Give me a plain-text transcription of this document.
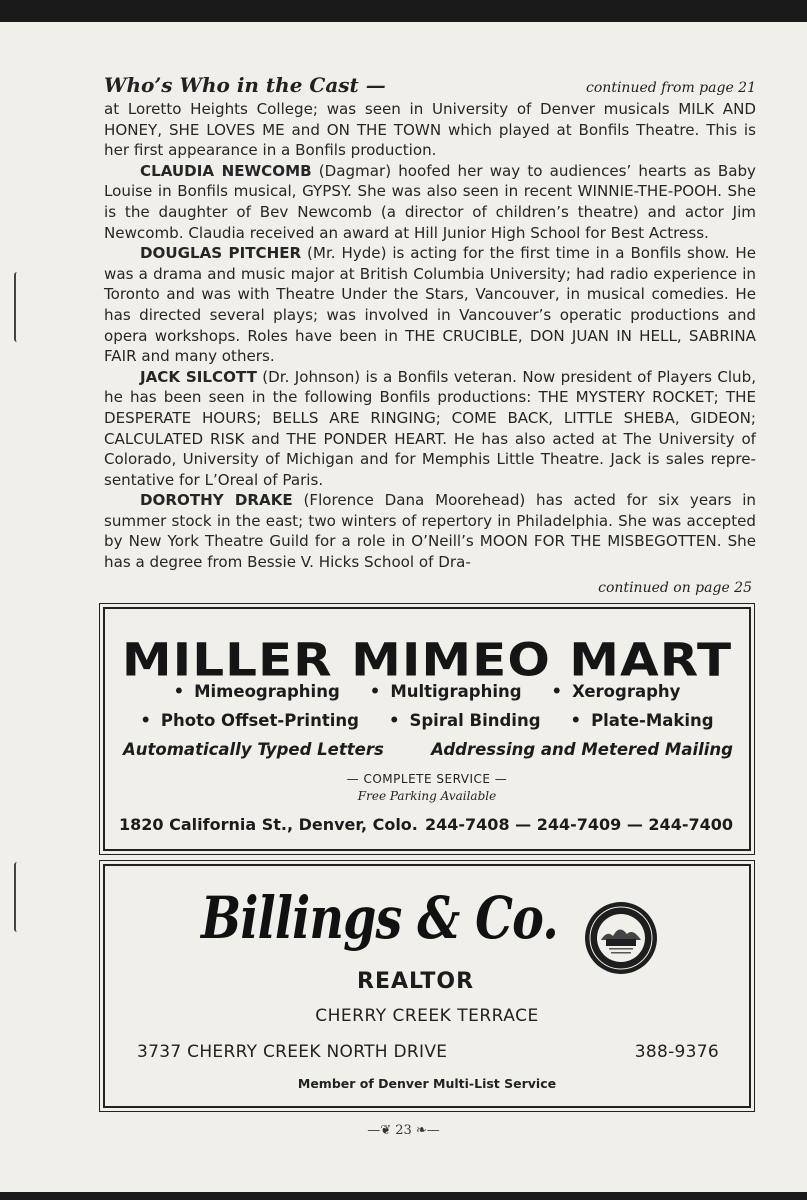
Who’s Who in the Cast —	continued from page 21

at Loretto Heights College; was seen in University of Denver musicals MILK AND HONEY, SHE LOVES ME and ON THE TOWN which played at Bonfils Theatre. This is her first appearance in a Bonfils production.

CLAUDIA NEWCOMB (Dagmar) hoofed her way to audiences’ hearts as Baby Louise in Bonfils musical, GYPSY. She was also seen in recent WINNIE-THE-POOH. She is the daughter of Bev Newcomb (a director of children’s theatre) and actor Jim Newcomb. Claudia received an award at Hill Junior High School for Best Actress.

DOUGLAS PITCHER (Mr. Hyde) is acting for the first time in a Bonfils show. He was a drama and music major at British Columbia University; had radio experience in Toronto and was with Theatre Under the Stars, Vancouver, in musical comedies. He has directed several plays; was involved in Vancouver’s operatic productions and opera workshops. Roles have been in THE CRUCIBLE, DON JUAN IN HELL, SABRINA FAIR and many others.

JACK SILCOTT (Dr. Johnson) is a Bonfils veteran. Now president of Players Club, he has been seen in the following Bonfils productions: THE MYSTERY ROCKET; THE DESPERATE HOURS; BELLS ARE RINGING; COME BACK, LITTLE SHEBA, GIDEON; CALCULATED RISK and THE PONDER HEART. He has also acted at The University of Colorado, University of Michigan and for Memphis Little Theatre. Jack is sales representative for L’Oreal of Paris.

DOROTHY DRAKE (Florence Dana Moorehead) has acted for six years in summer stock in the east; two winters of repertory in Philadelphia. She was accepted by New York Theatre Guild for a role in O’Neill’s MOON FOR THE MISBEGOTTEN. She has a degree from Bessie V. Hicks School of Dra-

continued on page 25
MILLER MIMEO MART
• Mimeographing • Multigraphing • Xerography
• Photo Offset-Printing • Spiral Binding • Plate-Making
Automatically Typed Letters	Addressing and Metered Mailing
— COMPLETE SERVICE —
Free Parking Available
1820 California St., Denver, Colo. 244-7408 — 244-7409 — 244-7400
Billings & Co.
REALTOR
CHERRY CREEK TERRACE
3737 CHERRY CREEK NORTH DRIVE	388-9376
Member of Denver Multi-List Service
—❦ 23 ❧—
